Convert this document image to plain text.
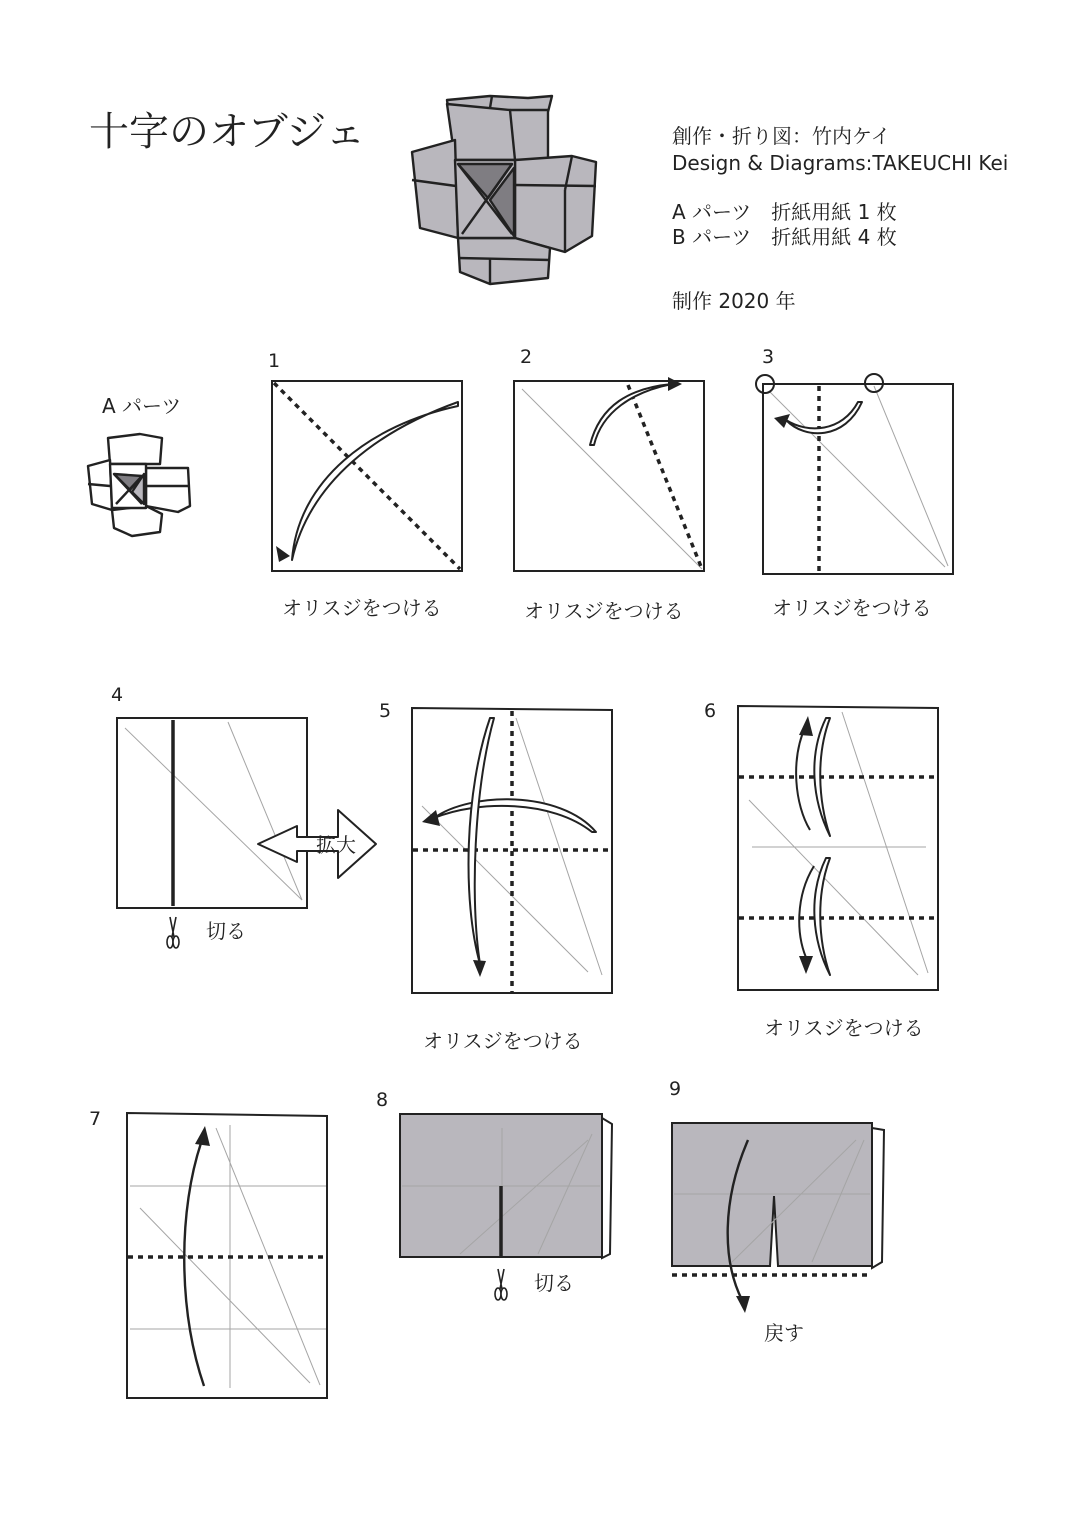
十字のオブジェ	創作・折り図：竹内ケイ
Design & Diagrams:TAKEUCHI Kei
A パーツ　折紙用紙 1 枚
B パーツ　折紙用紙 4 枚
制作 2020 年
A パーツ
1
オリスジをつける
2
オリスジをつける
3
オリスジをつける
4
拡大
切る
5
オリスジをつける
6
オリスジをつける
7
8
切る
9
戻す
